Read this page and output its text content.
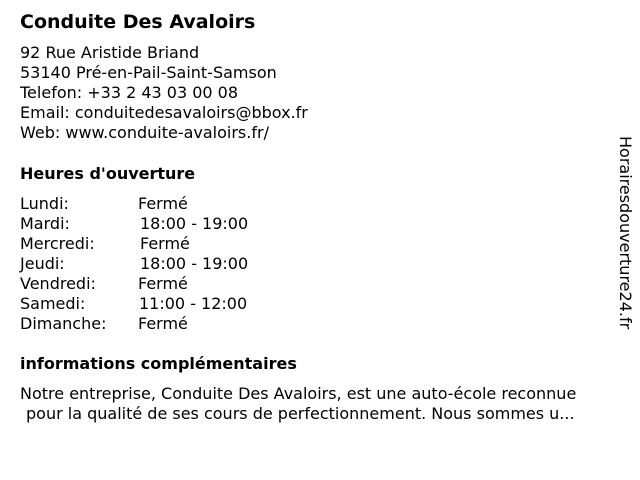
Conduite Des Avaloirs
92 Rue Aristide Briand
53140 Pré-en-Pail-Saint-Samson
Telefon: +33 2 43 03 00 08
Email: conduitedesavaloirs@bbox.fr
Web: www.conduite-avaloirs.fr/
Heures d'ouverture
Lundi:	Fermé
Mardi:	18:00 - 19:00
Mercredi:	Fermé
Jeudi:	18:00 - 19:00
Vendredi:	Fermé
Samedi:	11:00 - 12:00
Dimanche: Fermé
informations complémentaires
Notre entreprise, Conduite Des Avaloirs, est une auto-école reconnue
pour la qualité de ses cours de perfectionnement. Nous sommes u...
Horairesdouverture24.fr
